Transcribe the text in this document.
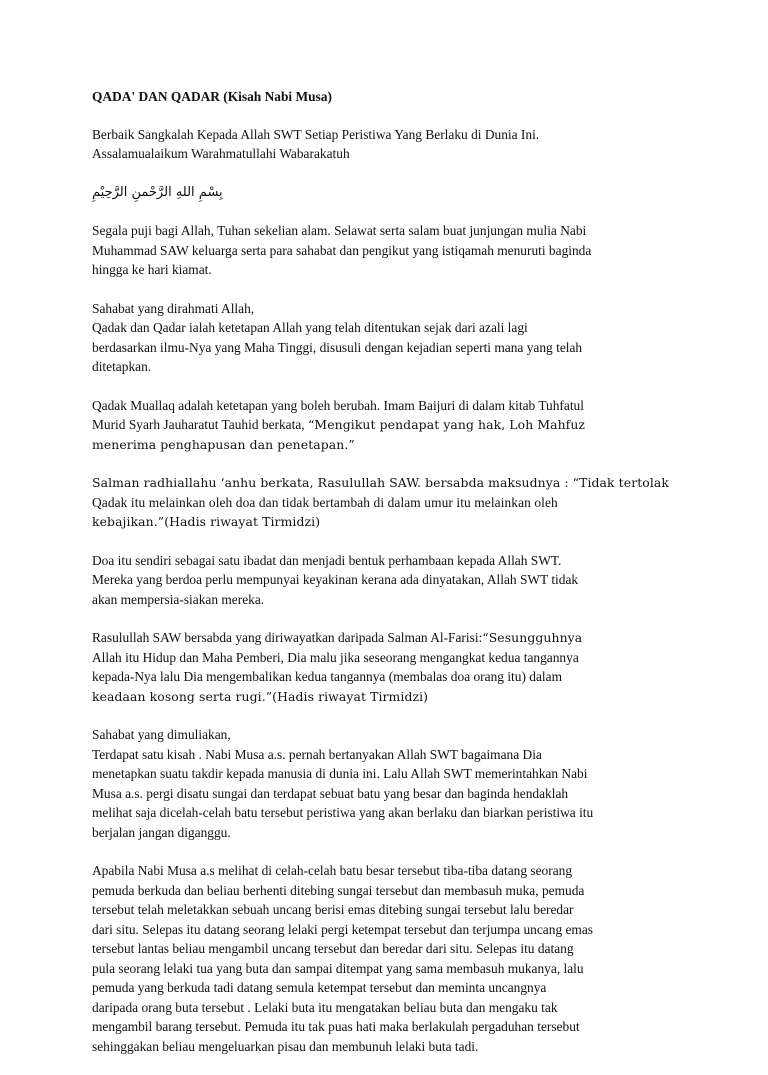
QADA' DAN QADAR (Kisah Nabi Musa)
Berbaik Sangkalah Kepada Allah SWT Setiap Peristiwa Yang Berlaku di Dunia Ini.
Assalamualaikum Warahmatullahi Wabarakatuh
بِسْمِ اللهِ الرَّحْمنِ الرَّحِيْمِ
Segala puji bagi Allah, Tuhan sekelian alam. Selawat serta salam buat junjungan mulia Nabi
Muhammad SAW keluarga serta para sahabat dan pengikut yang istiqamah menuruti baginda
hingga ke hari kiamat.
Sahabat yang dirahmati Allah,
Qadak dan Qadar ialah ketetapan Allah yang telah ditentukan sejak dari azali lagi
berdasarkan ilmu-Nya yang Maha Tinggi, disusuli dengan kejadian seperti mana yang telah
ditetapkan.
Qadak Muallaq adalah ketetapan yang boleh berubah. Imam Baijuri di dalam kitab Tuhfatul
Murid Syarh Jauharatut Tauhid berkata, “Mengikut pendapat yang hak, Loh Mahfuz
menerima penghapusan dan penetapan.”
Salman radhiallahu ‘anhu berkata, Rasulullah SAW. bersabda maksudnya : “Tidak tertolak
Qadak itu melainkan oleh doa dan tidak bertambah di dalam umur itu melainkan oleh
kebajikan.”(Hadis riwayat Tirmidzi)
Doa itu sendiri sebagai satu ibadat dan menjadi bentuk perhambaan kepada Allah SWT.
Mereka yang berdoa perlu mempunyai keyakinan kerana ada dinyatakan, Allah SWT tidak
akan mempersia-siakan mereka.
Rasulullah SAW bersabda yang diriwayatkan daripada Salman Al-Farisi:“Sesungguhnya
Allah itu Hidup dan Maha Pemberi, Dia malu jika seseorang mengangkat kedua tangannya
kepada-Nya lalu Dia mengembalikan kedua tangannya (membalas doa orang itu) dalam
keadaan kosong serta rugi.”(Hadis riwayat Tirmidzi)
Sahabat yang dimuliakan,
Terdapat satu kisah . Nabi Musa a.s. pernah bertanyakan Allah SWT bagaimana Dia
menetapkan suatu takdir kepada manusia di dunia ini. Lalu Allah SWT memerintahkan Nabi
Musa a.s. pergi disatu sungai dan terdapat sebuat batu yang besar dan baginda hendaklah
melihat saja dicelah-celah batu tersebut peristiwa yang akan berlaku dan biarkan peristiwa itu
berjalan jangan diganggu.
Apabila Nabi Musa a.s melihat di celah-celah batu besar tersebut tiba-tiba datang seorang
pemuda berkuda dan beliau berhenti ditebing sungai tersebut dan membasuh muka, pemuda
tersebut telah meletakkan sebuah uncang berisi emas ditebing sungai tersebut lalu beredar
dari situ. Selepas itu datang seorang lelaki pergi ketempat tersebut dan terjumpa uncang emas
tersebut lantas beliau mengambil uncang tersebut dan beredar dari situ. Selepas itu datang
pula seorang lelaki tua yang buta dan sampai ditempat yang sama membasuh mukanya, lalu
pemuda yang berkuda tadi datang semula ketempat tersebut dan meminta uncangnya
daripada orang buta tersebut . Lelaki buta itu mengatakan beliau buta dan mengaku tak
mengambil barang tersebut. Pemuda itu tak puas hati maka berlakulah pergaduhan tersebut
sehinggakan beliau mengeluarkan pisau dan membunuh lelaki buta tadi.
